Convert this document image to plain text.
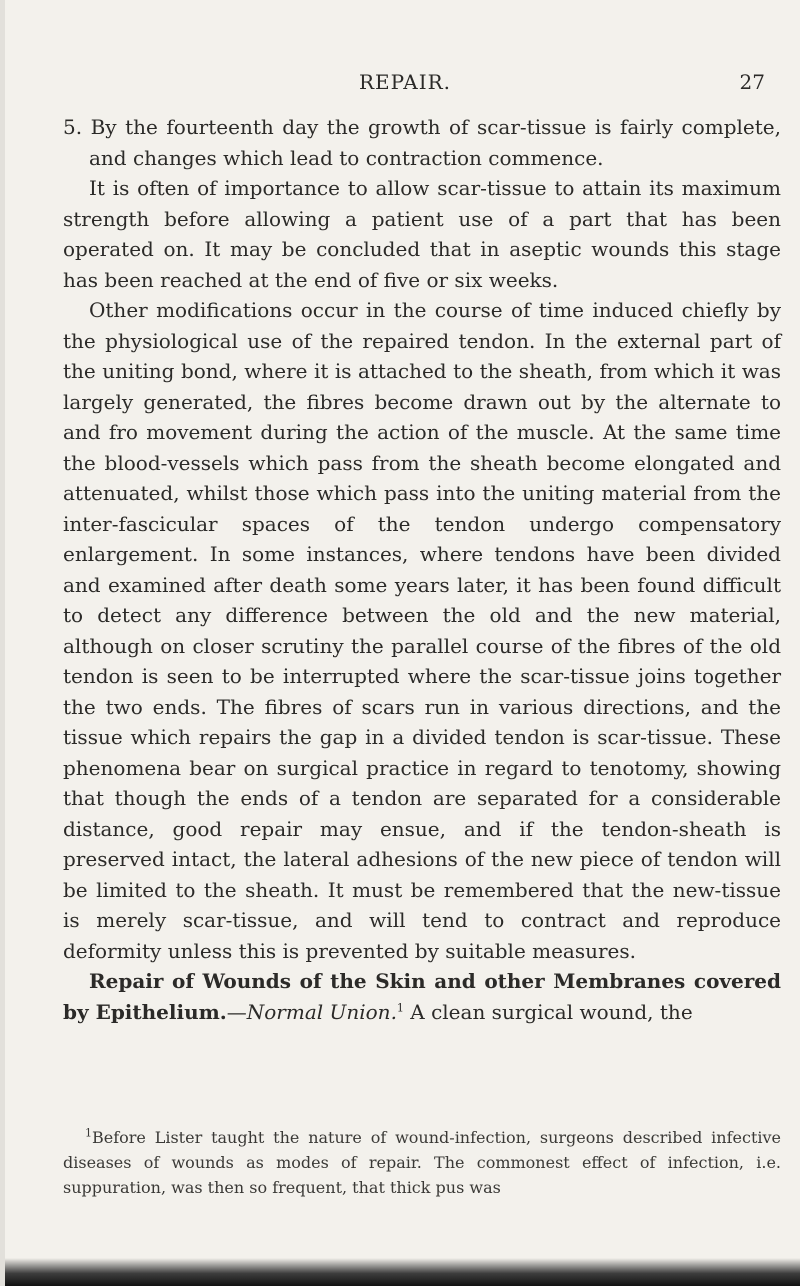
REPAIR.	27

5. By the fourteenth day the growth of scar-tissue is fairly complete, and changes which lead to contraction commence.

It is often of importance to allow scar-tissue to attain its maximum strength before allowing a patient use of a part that has been operated on. It may be concluded that in aseptic wounds this stage has been reached at the end of five or six weeks.

Other modifications occur in the course of time induced chiefly by the physiological use of the repaired tendon. In the external part of the uniting bond, where it is attached to the sheath, from which it was largely generated, the fibres become drawn out by the alternate to and fro movement during the action of the muscle. At the same time the blood-vessels which pass from the sheath become elongated and attenuated, whilst those which pass into the uniting material from the inter-fascicular spaces of the tendon undergo compensatory enlargement. In some instances, where tendons have been divided and examined after death some years later, it has been found difficult to detect any difference between the old and the new material, although on closer scrutiny the parallel course of the fibres of the old tendon is seen to be interrupted where the scar-tissue joins together the two ends. The fibres of scars run in various directions, and the tissue which repairs the gap in a divided tendon is scar-tissue. These phenomena bear on surgical practice in regard to tenotomy, showing that though the ends of a tendon are separated for a considerable distance, good repair may ensue, and if the tendon-sheath is preserved intact, the lateral adhesions of the new piece of tendon will be limited to the sheath. It must be remembered that the new-tissue is merely scar-tissue, and will tend to contract and reproduce deformity unless this is prevented by suitable measures.

Repair of Wounds of the Skin and other Membranes covered by Epithelium.—Normal Union.$^1$ A clean surgical wound, the

$^1$Before Lister taught the nature of wound-infection, surgeons described infective diseases of wounds as modes of repair. The commonest effect of infection, i.e. suppuration, was then so frequent, that thick pus was
